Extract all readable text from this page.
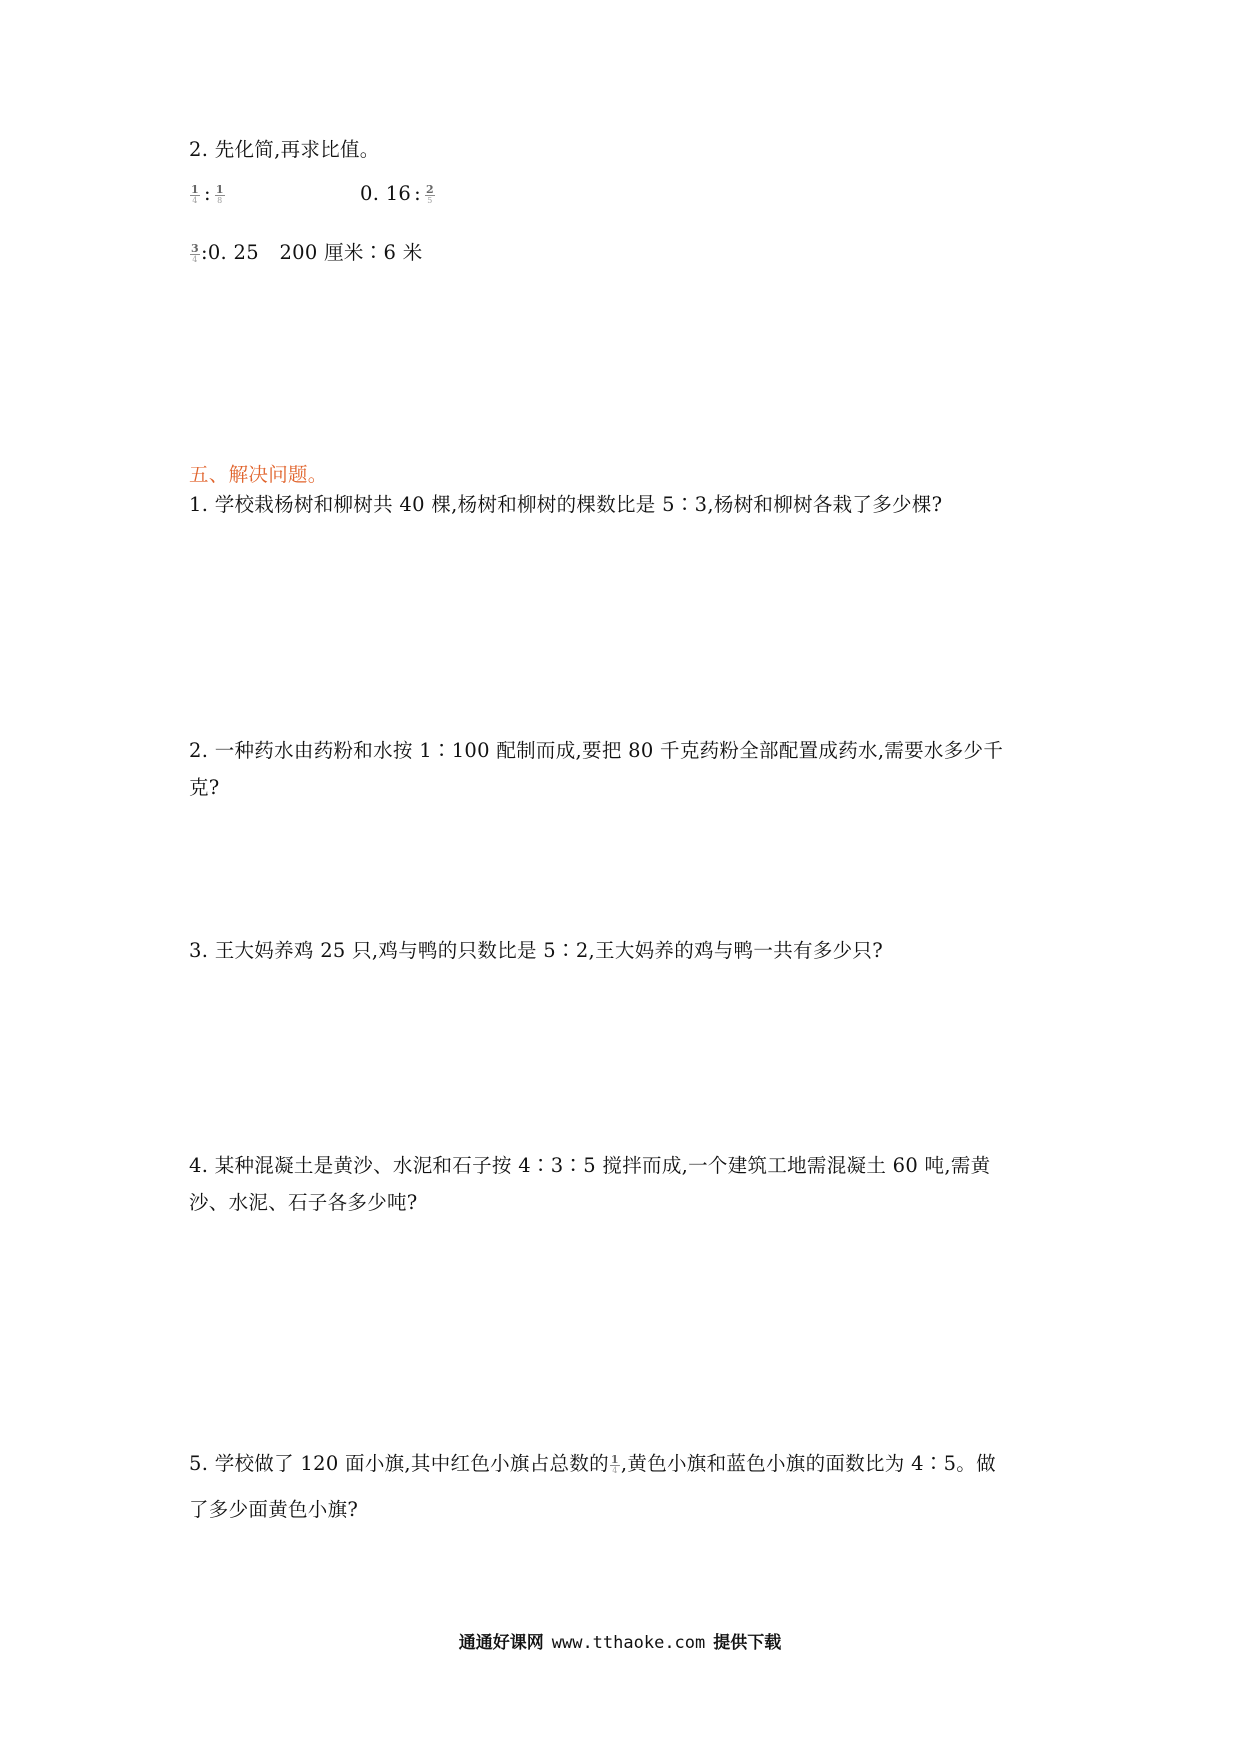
2. 先化简,再求比值。
$\frac{1}{4}$ : $\frac{1}{8}$	0. 16 : $\frac{2}{5}$
$\frac{3}{4}$ :0. 25 200 厘米∶6 米
五、解决问题。
1. 学校栽杨树和柳树共 40 棵,杨树和柳树的棵数比是 5∶3,杨树和柳树各栽了多少棵?
2. 一种药水由药粉和水按 1∶100 配制而成,要把 80 千克药粉全部配置成药水,需要水多少千
克?
3. 王大妈养鸡 25 只,鸡与鸭的只数比是 5∶2,王大妈养的鸡与鸭一共有多少只?
4. 某种混凝土是黄沙、水泥和石子按 4∶3∶5 搅拌而成,一个建筑工地需混凝土 60 吨,需黄
沙、水泥、石子各多少吨?
5. 学校做了 120 面小旗,其中红色小旗占总数的 $\frac{1}{4}$ ,黄色小旗和蓝色小旗的面数比为 4∶5。做
了多少面黄色小旗?
通通好课网 www.tthaoke.com 提供下载
